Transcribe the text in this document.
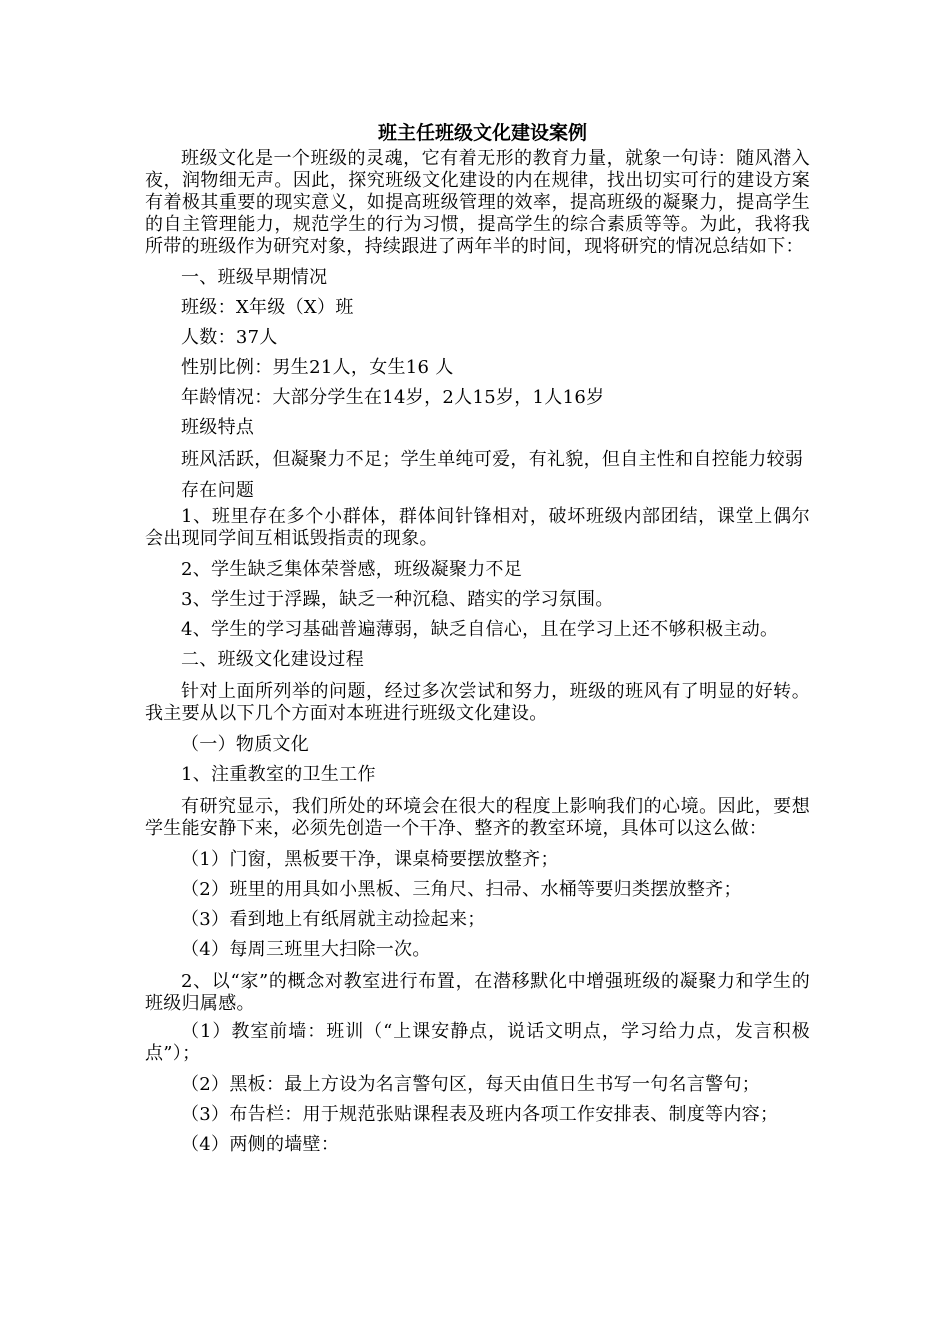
班主任班级文化建设案例

班级文化是一个班级的灵魂，它有着无形的教育力量，就象一句诗：随风潜入夜，润物细无声。因此，探究班级文化建设的内在规律，找出切实可行的建设方案有着极其重要的现实意义，如提高班级管理的效率，提高班级的凝聚力，提高学生的自主管理能力，规范学生的行为习惯，提高学生的综合素质等等。为此，我将我所带的班级作为研究对象，持续跟进了两年半的时间，现将研究的情况总结如下：

一、班级早期情况

班级：X年级（X）班

人数：37人

性别比例：男生21人，女生16 人

年龄情况：大部分学生在14岁，2人15岁，1人16岁

班级特点

班风活跃，但凝聚力不足；学生单纯可爱，有礼貌，但自主性和自控能力较弱

存在问题

1、班里存在多个小群体，群体间针锋相对，破坏班级内部团结，课堂上偶尔会出现同学间互相诋毁指责的现象。

2、学生缺乏集体荣誉感，班级凝聚力不足

3、学生过于浮躁，缺乏一种沉稳、踏实的学习氛围。

4、学生的学习基础普遍薄弱，缺乏自信心，且在学习上还不够积极主动。

二、班级文化建设过程

针对上面所列举的问题，经过多次尝试和努力，班级的班风有了明显的好转。我主要从以下几个方面对本班进行班级文化建设。

（一）物质文化

1、注重教室的卫生工作

有研究显示，我们所处的环境会在很大的程度上影响我们的心境。因此，要想学生能安静下来，必须先创造一个干净、整齐的教室环境，具体可以这么做：

（1）门窗，黑板要干净，课桌椅要摆放整齐；

（2）班里的用具如小黑板、三角尺、扫帚、水桶等要归类摆放整齐；

（3）看到地上有纸屑就主动捡起来；

（4）每周三班里大扫除一次。

2、以“家”的概念对教室进行布置，在潜移默化中增强班级的凝聚力和学生的班级归属感。

（1）教室前墙：班训（“上课安静点，说话文明点，学习给力点，发言积极点”）；

（2）黑板：最上方设为名言警句区，每天由值日生书写一句名言警句；

（3）布告栏：用于规范张贴课程表及班内各项工作安排表、制度等内容；

（4）两侧的墙壁：
